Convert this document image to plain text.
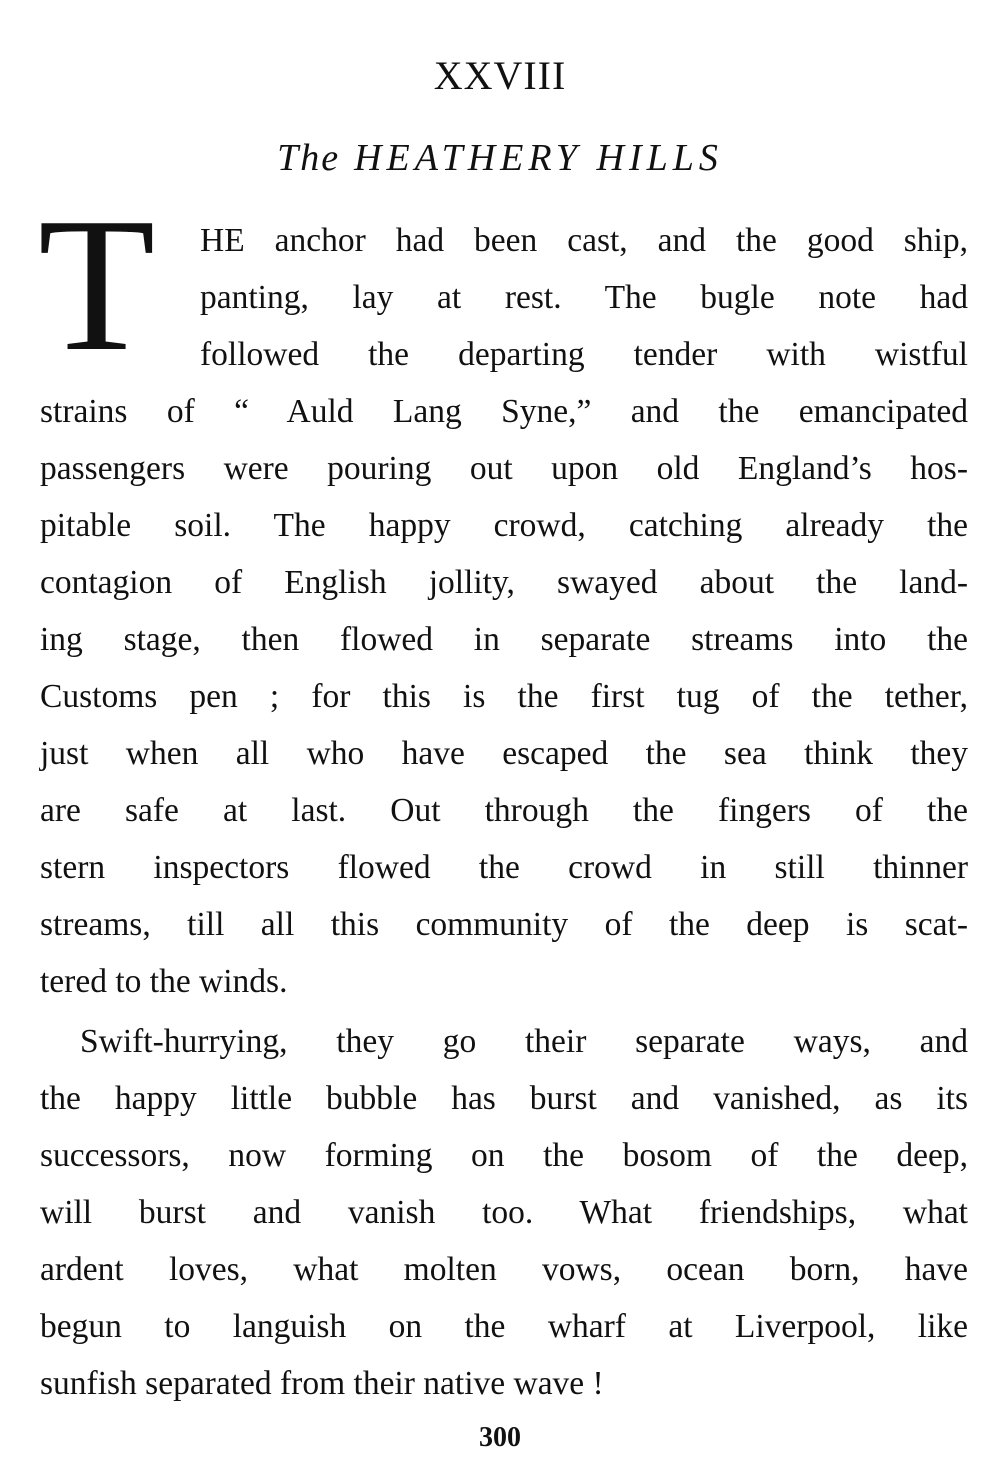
XXVIII
The HEATHERY HILLS
T HE anchor had been cast, and the good ship,
panting, lay at rest. The bugle note had
followed the departing tender with wistful
strains of “ Auld Lang Syne,” and the emancipated
passengers were pouring out upon old England’s hos-
pitable soil. The happy crowd, catching already the
contagion of English jollity, swayed about the land-
ing stage, then flowed in separate streams into the
Customs pen ; for this is the first tug of the tether,
just when all who have escaped the sea think they
are safe at last. Out through the fingers of the
stern inspectors flowed the crowd in still thinner
streams, till all this community of the deep is scat-
tered to the winds.
Swift-hurrying, they go their separate ways, and
the happy little bubble has burst and vanished, as its
successors, now forming on the bosom of the deep,
will burst and vanish too. What friendships, what
ardent loves, what molten vows, ocean born, have
begun to languish on the wharf at Liverpool, like
sunfish separated from their native wave !
300
